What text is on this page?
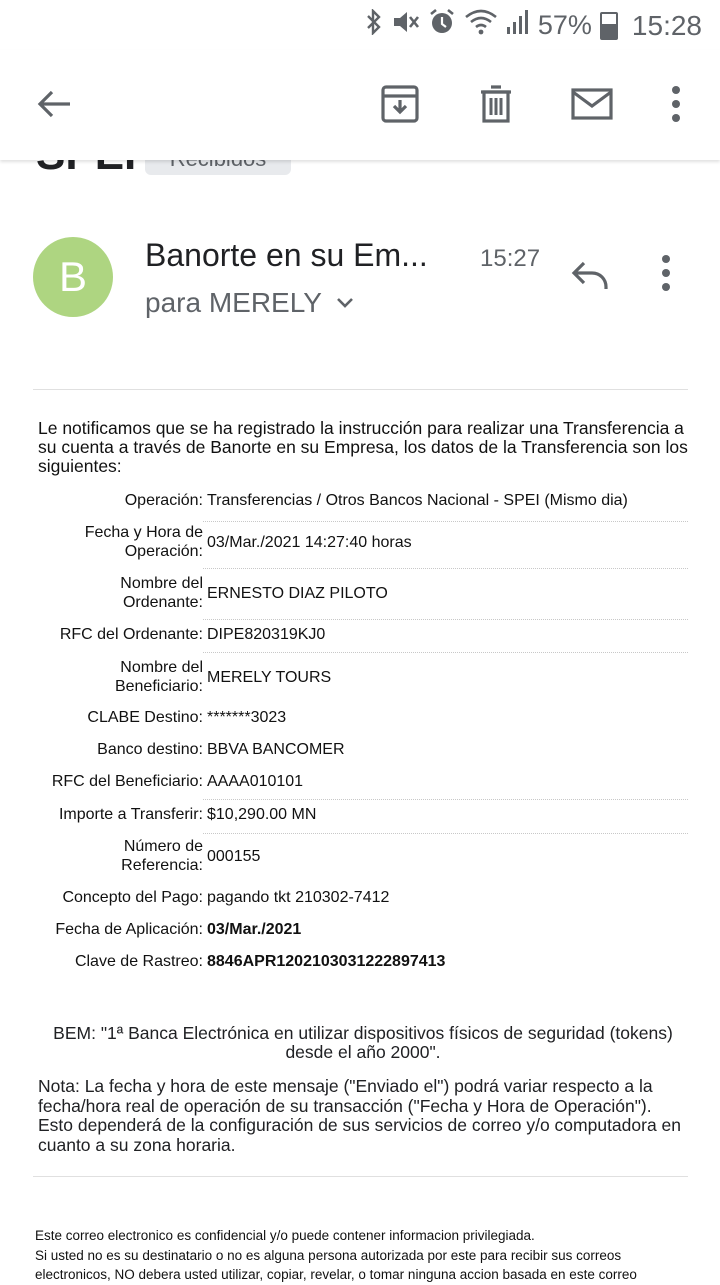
57% 15:28
B	Banorte en su Em... 15:27
para MERELY

Le notificamos que se ha registrado la instrucción para realizar una Transferencia a su cuenta a través de Banorte en su Empresa, los datos de la Transferencia son los siguientes:

Operación: Transferencias / Otros Bancos Nacional - SPEI (Mismo dia)
Fecha y Hora de
Operación:
03/Mar./2021 14:27:40 horas
Nombre del
Ordenante:
ERNESTO DIAZ PILOTO
RFC del Ordenante: DIPE820319KJ0
Nombre del
Beneficiario:
MERELY TOURS
CLABE Destino: *******3023
Banco destino: BBVA BANCOMER
RFC del Beneficiario: AAAA010101
Importe a Transferir: $10,290.00 MN
Número de
Referencia:
000155
Concepto del Pago: pagando tkt 210302-7412
Fecha de Aplicación: 03/Mar./2021
Clave de Rastreo: 8846APR1202103031222897413
BEM: "1ª Banca Electrónica en utilizar dispositivos físicos de seguridad (tokens) desde el año 2000".
Nota: La fecha y hora de este mensaje ("Enviado el") podrá variar respecto a la fecha/hora real de operación de su transacción ("Fecha y Hora de Operación"). Esto dependerá de la configuración de sus servicios de correo y/o computadora en cuanto a su zona horaria.
Este correo electronico es confidencial y/o puede contener informacion privilegiada.
Si usted no es su destinatario o no es alguna persona autorizada por este para recibir sus correos electronicos, NO debera usted utilizar, copiar, revelar, o tomar ninguna accion basada en este correo
